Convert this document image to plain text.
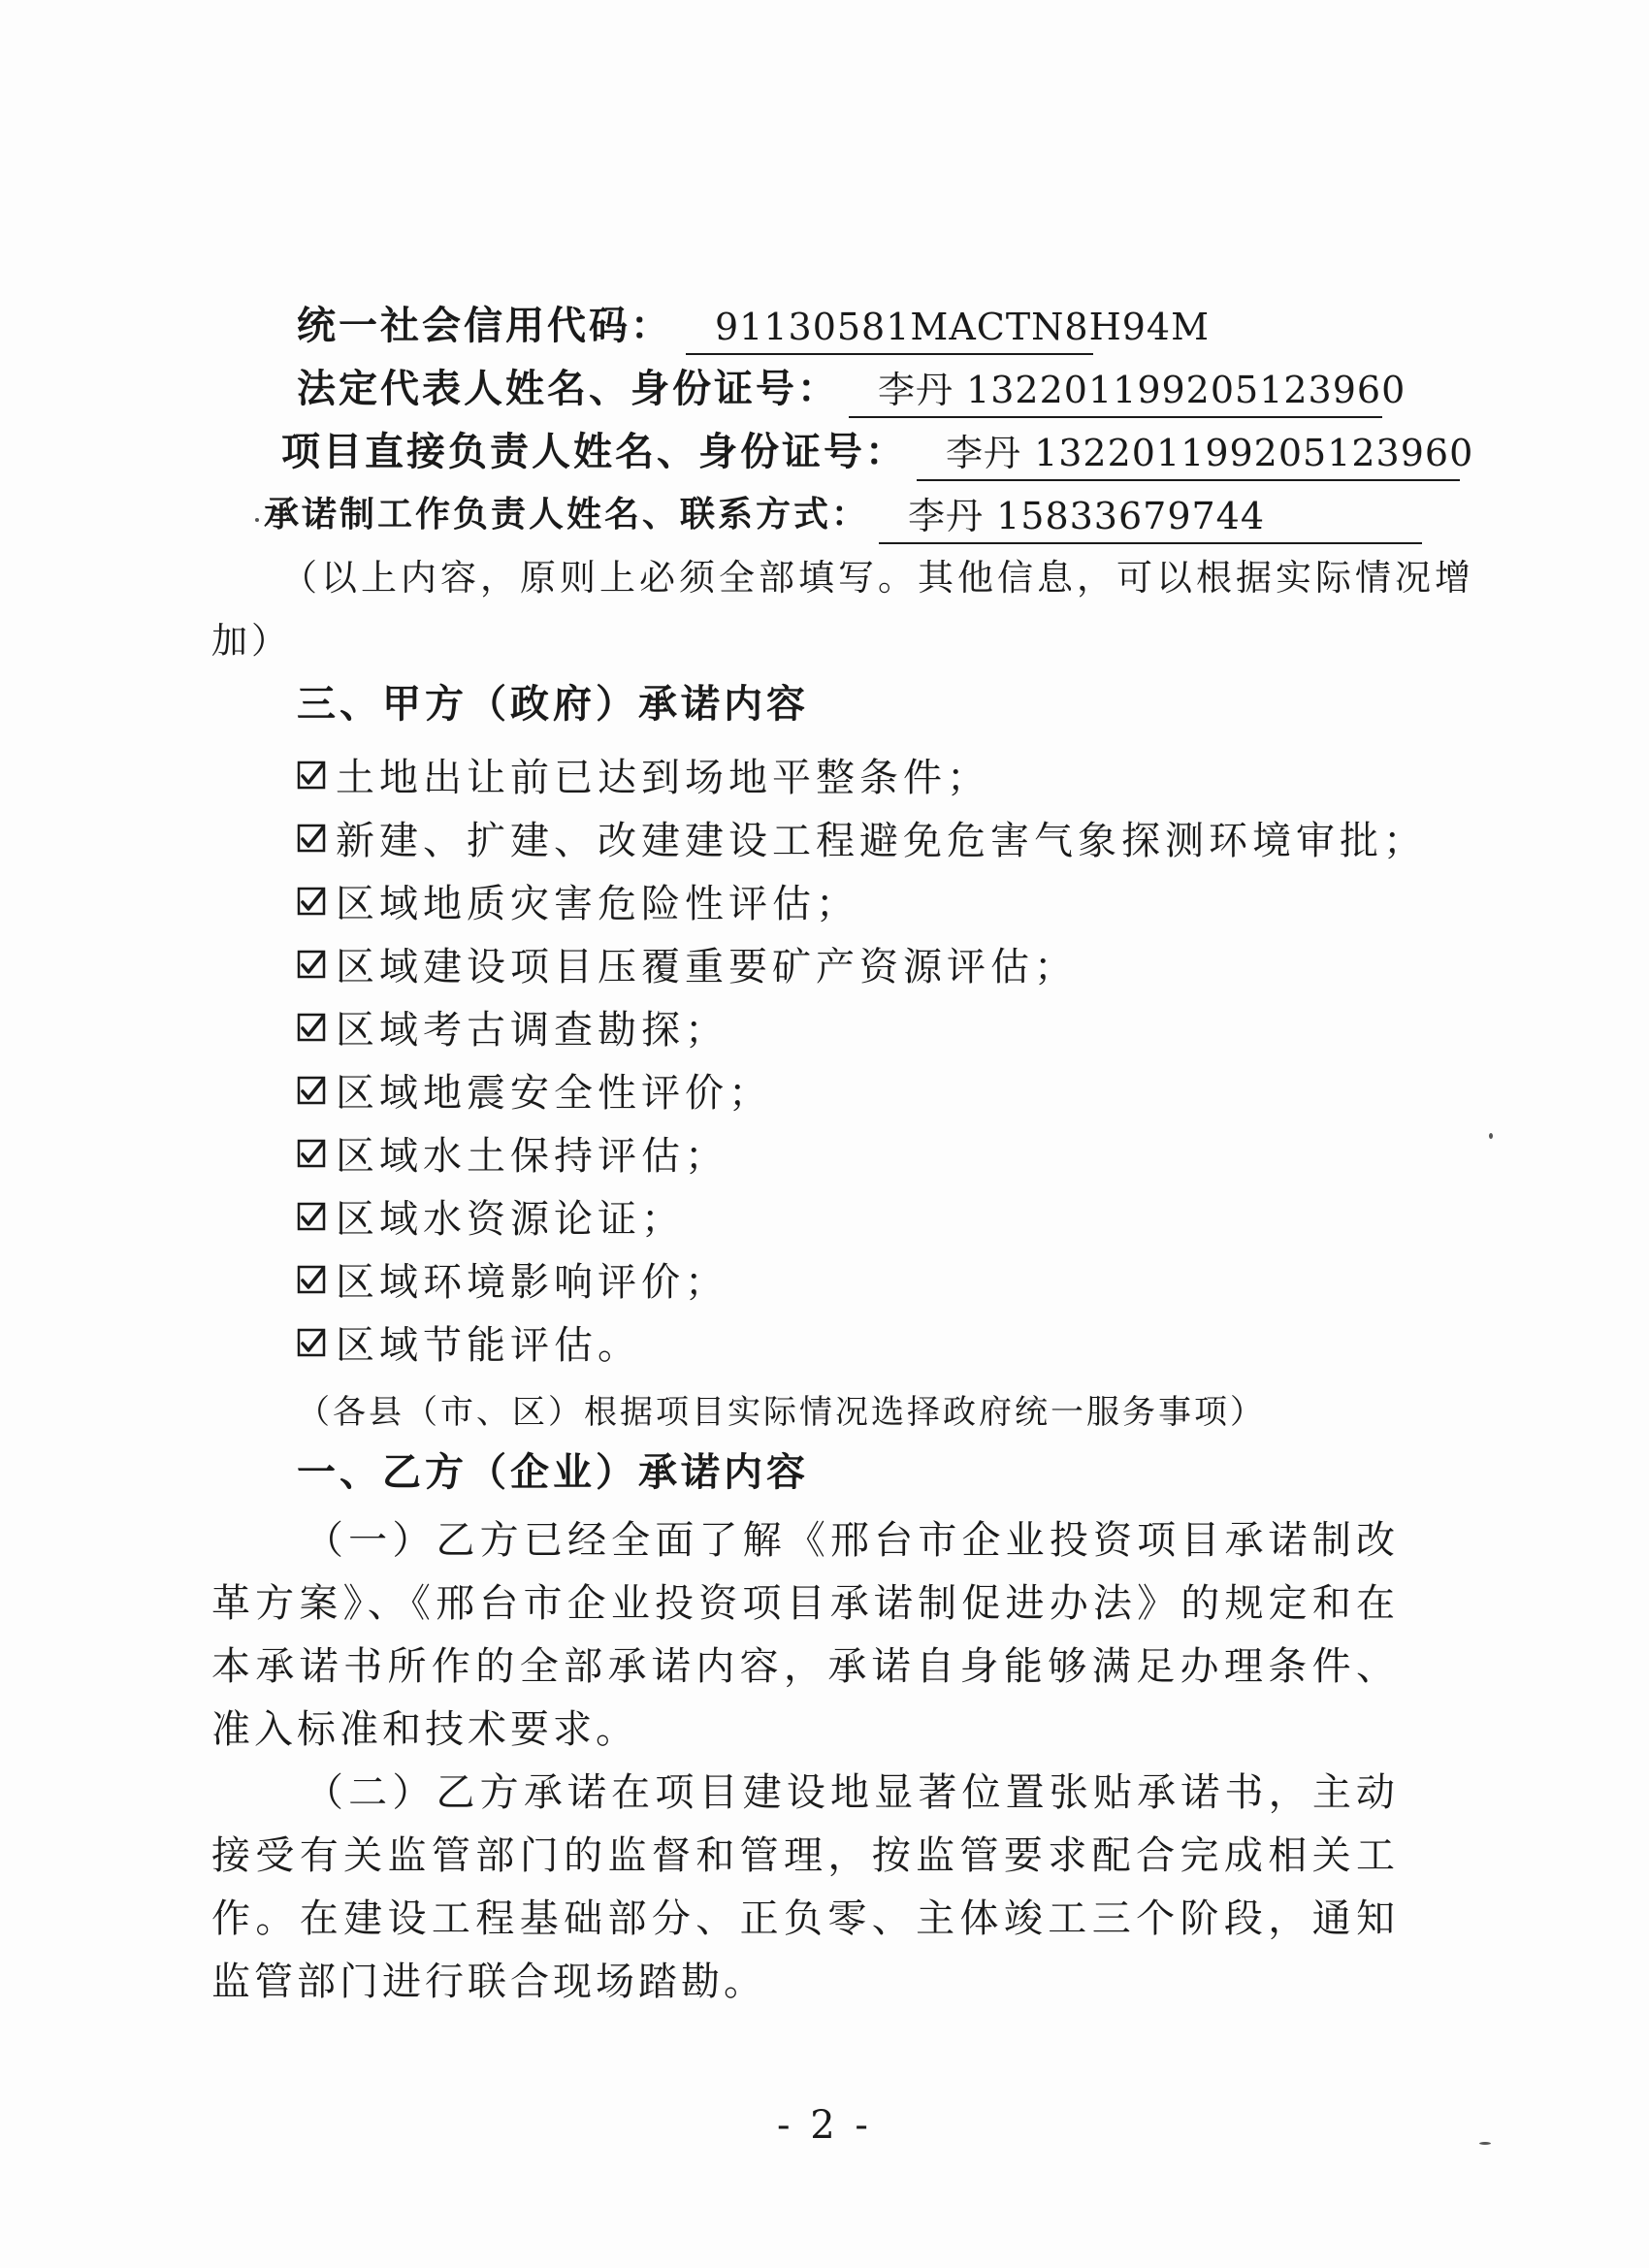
统一社会信用代码：	91130581MACTN8H94M
法定代表人姓名、身份证号：	李丹 132201199205123960
项目直接负责人姓名、身份证号：	李丹 132201199205123960
承诺制工作负责人姓名、联系方式：	李丹 15833679744
（以上内容，原则上必须全部填写。其他信息，可以根据实际情况增
加）
三、甲方（政府）承诺内容
土地出让前已达到场地平整条件；
新建、扩建、改建建设工程避免危害气象探测环境审批；
区域地质灾害危险性评估；
区域建设项目压覆重要矿产资源评估；
区域考古调查勘探；
区域地震安全性评价；
区域水土保持评估；
区域水资源论证；
区域环境影响评价；
区域节能评估。
（各县（市、区）根据项目实际情况选择政府统一服务事项）
一、乙方（企业）承诺内容

（一）乙方已经全面了解《邢台市企业投资项目承诺制改革方案》、《邢台市企业投资项目承诺制促进办法》的规定和在本承诺书所作的全部承诺内容，承诺自身能够满足办理条件、准入标准和技术要求。

（二）乙方承诺在项目建设地显著位置张贴承诺书，主动接受有关监管部门的监督和管理，按监管要求配合完成相关工作。在建设工程基础部分、正负零、主体竣工三个阶段，通知监管部门进行联合现场踏勘。

- 2 -
